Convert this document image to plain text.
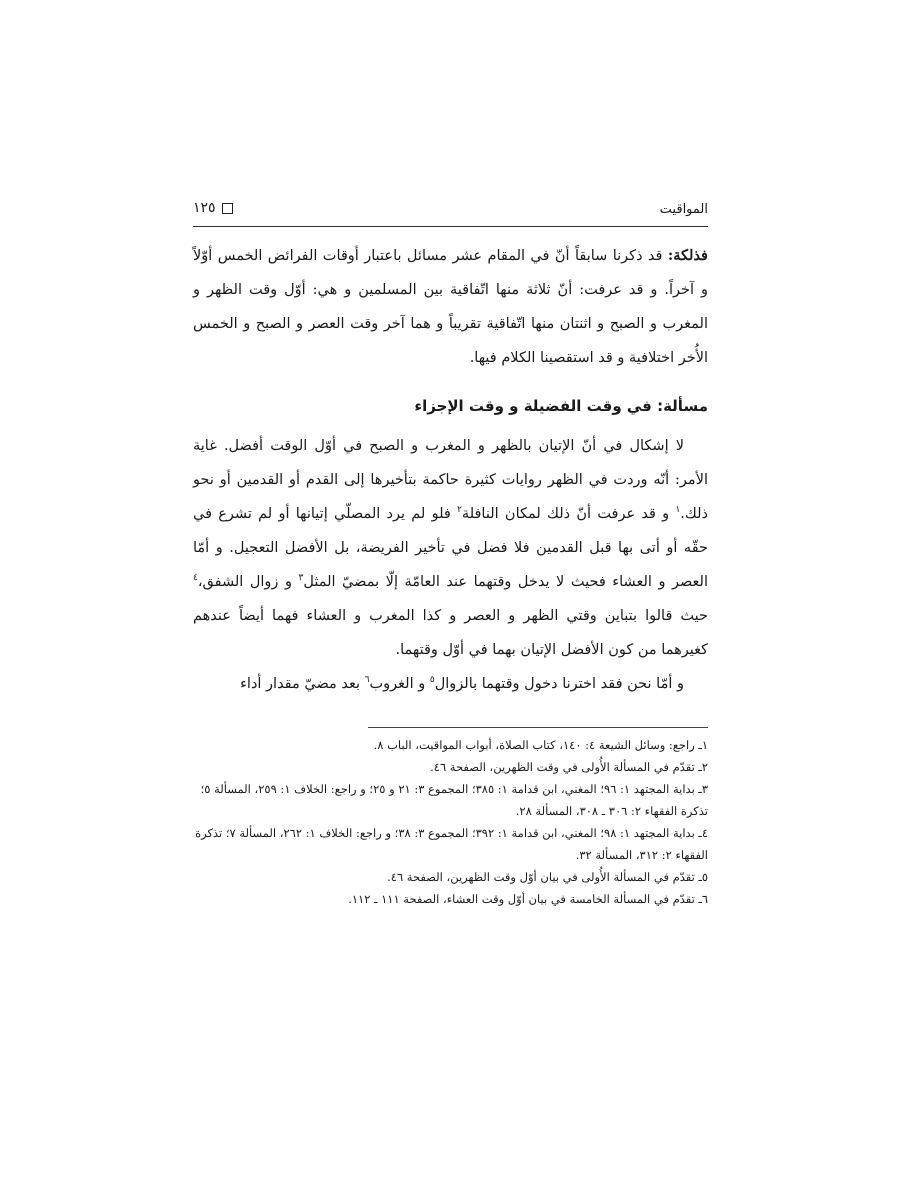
المواقيت
١٢٥

فذلكة: قد ذكرنا سابقاً أنّ في المقام عشر مسائل باعتبار أوقات الفرائض الخمس أوّلاً و آخراً. و قد عرفت: أنّ ثلاثة منها اتّفاقية بين المسلمين و هي: أوّل وقت الظهر و المغرب و الصبح و اثنتان منها اتّفاقية تقريباً و هما آخر وقت العصر و الصبح و الخمس الأُخر اختلافية و قد استقصينا الكلام فيها.

مسألة: في وقت الفضيلة و وقت الإجزاء

لا إشكال في أنّ الإتيان بالظهر و المغرب و الصبح في أوّل الوقت أفضل. غاية الأمر: أنّه وردت في الظهر روايات كثيرة حاكمة بتأخيرها إلى القدم أو القدمين أو نحو ذلك.$^١$ و قد عرفت أنّ ذلك لمكان النافلة$^٢$ فلو لم يرد المصلّي إتيانها أو لم تشرع في حقّه أو أتى بها قبل القدمين فلا فضل في تأخير الفريضة، بل الأفضل التعجيل. و أمّا العصر و العشاء فحيث لا يدخل وقتهما عند العامّة إلّا بمضيّ المثل$^٣$ و زوال الشفق،$^٤$ حيث قالوا بتباين وقتي الظهر و العصر و كذا المغرب و العشاء فهما أيضاً عندهم كغيرهما من كون الأفضل الإتيان بهما في أوّل وقتهما.

و أمّا نحن فقد اخترنا دخول وقتهما بالزوال$^٥$ و الغروب$^٦$ بعد مضيّ مقدار أداء

١ـ راجع: وسائل الشيعة ٤: ١٤٠، كتاب الصلاة، أبواب المواقيت، الباب ٨.

٢ـ تقدّم في المسألة الأُولى في وقت الظهرين، الصفحة ٤٦.

٣ـ بداية المجتهد ١: ٩٦؛ المغني، ابن قدامة ١: ٣٨٥؛ المجموع ٣: ٢١ و ٢٥؛ و راجع: الخلاف ١: ٢٥٩، المسألة ٥؛ تذكرة الفقهاء ٢: ٣٠٦ ـ ٣٠٨، المسألة ٢٨.

٤ـ بداية المجتهد ١: ٩٨؛ المغني، ابن قدامة ١: ٣٩٢؛ المجموع ٣: ٣٨؛ و راجع: الخلاف ١: ٢٦٢، المسألة ٧؛ تذكرة الفقهاء ٢: ٣١٢، المسألة ٣٢.

٥ـ تقدّم في المسألة الأُولى في بيان أوّل وقت الظهرين، الصفحة ٤٦.

٦ـ تقدّم في المسألة الخامسة في بيان أوّل وقت العشاء، الصفحة ١١١ ـ ١١٢.
